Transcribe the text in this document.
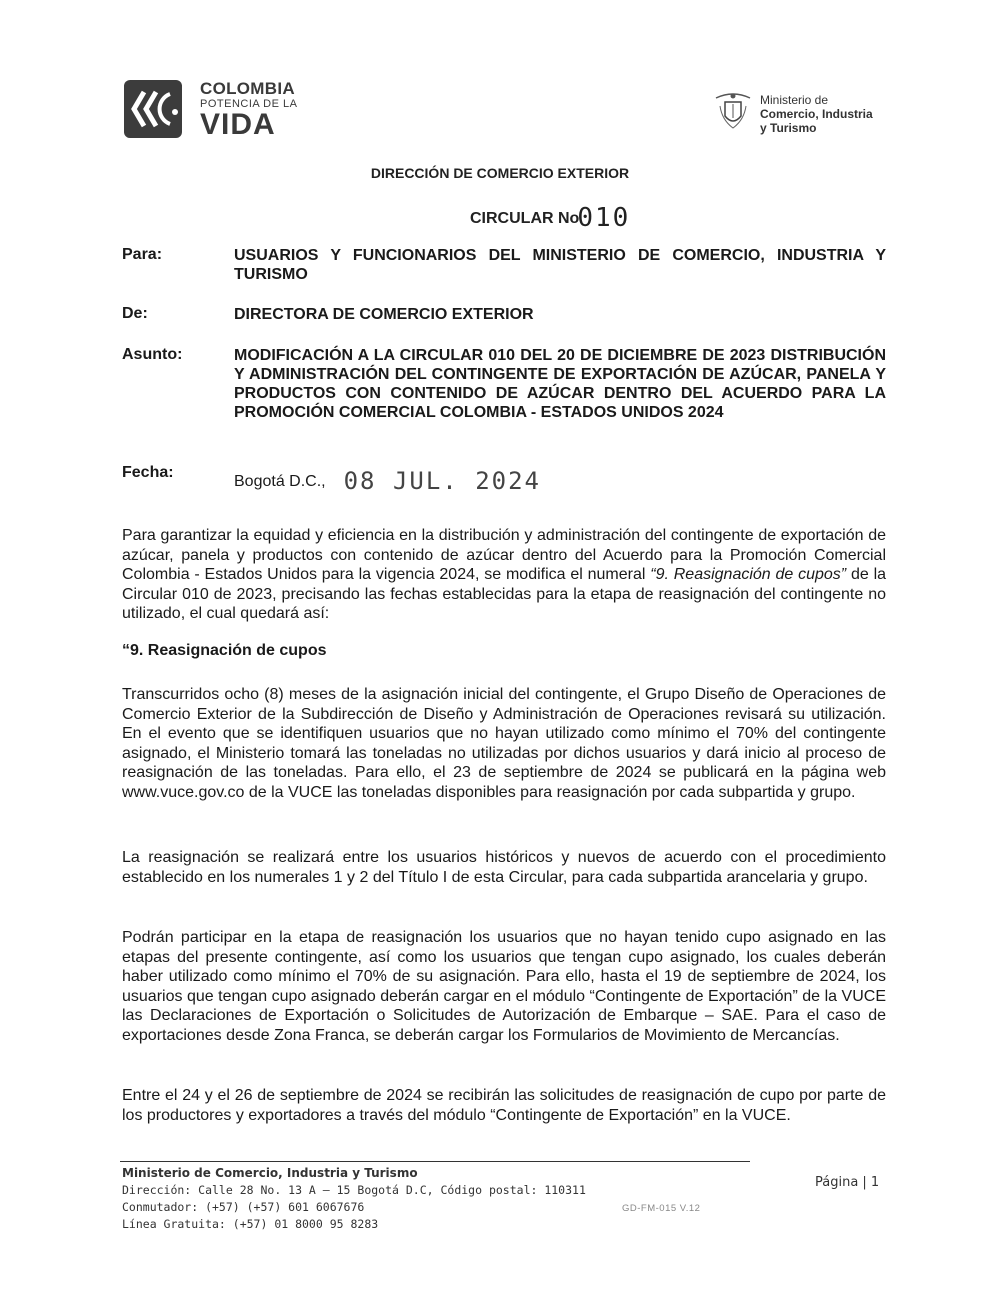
COLOMBIA
POTENCIA DE LA
VIDA
Ministerio de
Comercio, Industria
y Turismo
DIRECCIÓN DE COMERCIO EXTERIOR
CIRCULAR No010
Para:	USUARIOS Y FUNCIONARIOS DEL MINISTERIO DE COMERCIO, INDUSTRIA Y TURISMO
De:	DIRECTORA DE COMERCIO EXTERIOR
Asunto:	MODIFICACIÓN A LA CIRCULAR 010 DEL 20 DE DICIEMBRE DE 2023 DISTRIBUCIÓN Y ADMINISTRACIÓN DEL CONTINGENTE DE EXPORTACIÓN DE AZÚCAR, PANELA Y PRODUCTOS CON CONTENIDO DE AZÚCAR DENTRO DEL ACUERDO PARA LA PROMOCIÓN COMERCIAL COLOMBIA - ESTADOS UNIDOS 2024
Fecha:
Bogotá D.C., 08 JUL. 2024
Para garantizar la equidad y eficiencia en la distribución y administración del contingente de exportación de azúcar, panela y productos con contenido de azúcar dentro del Acuerdo para la Promoción Comercial Colombia - Estados Unidos para la vigencia 2024, se modifica el numeral “9. Reasignación de cupos” de la Circular 010 de 2023, precisando las fechas establecidas para la etapa de reasignación del contingente no utilizado, el cual quedará así:
“9. Reasignación de cupos
Transcurridos ocho (8) meses de la asignación inicial del contingente, el Grupo Diseño de Operaciones de Comercio Exterior de la Subdirección de Diseño y Administración de Operaciones revisará su utilización. En el evento que se identifiquen usuarios que no hayan utilizado como mínimo el 70% del contingente asignado, el Ministerio tomará las toneladas no utilizadas por dichos usuarios y dará inicio al proceso de reasignación de las toneladas. Para ello, el 23 de septiembre de 2024 se publicará en la página web www.vuce.gov.co de la VUCE las toneladas disponibles para reasignación por cada subpartida y grupo.
La reasignación se realizará entre los usuarios históricos y nuevos de acuerdo con el procedimiento establecido en los numerales 1 y 2 del Título I de esta Circular, para cada subpartida arancelaria y grupo.
Podrán participar en la etapa de reasignación los usuarios que no hayan tenido cupo asignado en las etapas del presente contingente, así como los usuarios que tengan cupo asignado, los cuales deberán haber utilizado como mínimo el 70% de su asignación. Para ello, hasta el 19 de septiembre de 2024, los usuarios que tengan cupo asignado deberán cargar en el módulo “Contingente de Exportación” de la VUCE las Declaraciones de Exportación o Solicitudes de Autorización de Embarque – SAE. Para el caso de exportaciones desde Zona Franca, se deberán cargar los Formularios de Movimiento de Mercancías.
Entre el 24 y el 26 de septiembre de 2024 se recibirán las solicitudes de reasignación de cupo por parte de los productores y exportadores a través del módulo “Contingente de Exportación” en la VUCE.
Ministerio de Comercio, Industria y Turismo
Dirección: Calle 28 No. 13 A – 15 Bogotá D.C, Código postal: 110311
Conmutador: (+57) (+57) 601 6067676
Línea Gratuita: (+57) 01 8000 95 8283
Página | 1
GD-FM-015 V.12
